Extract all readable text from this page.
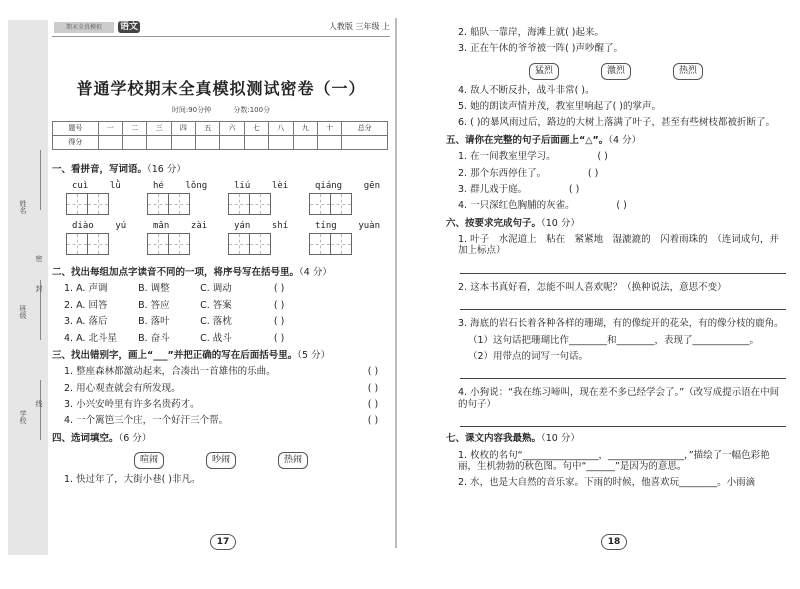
姓名
班级
学校
密
封
线
期末全真模拟	语文	人教版 三年级 上
普通学校期末全真模拟测试密卷（一）
时间:90分钟	分数:100分
题号	一	二	三	四	五	六	七	八	九	十	总分
得分											
一、看拼音，写词语。（16 分）
cuì    lǜ	hé    lǒng	liú    lèi	qiáng    gēn
diào    yú	mǎn    zài	yán    shí	tíng    yuàn
二、找出每组加点字读音不同的一项，将序号写在括号里。（4 分）
1. A. 声调	B. 调整	C. 调动	( )
2. A. 回答	B. 答应	C. 答案	( )
3. A. 落后	B. 落叶	C. 落枕	( )
4. A. 北斗星 B. 奋斗	C. 战斗	( )
三、找出错别字，画上“___”并把正确的写在后面括号里。（5 分）
1. 整座森林都激动起来，合凑出一首雄伟的乐曲。	( )
2. 用心观查就会有所发现。	( )
3. 小兴安岭里有许多名贵药才。	( )
4. 一个篱笆三个庄，一个好汗三个帮。	( )
四、选词填空。（6 分）
喧闹	吵闹	热闹
1. 快过年了，大街小巷( )非凡。
17
2. 船队一靠岸，海滩上就( )起来。
3. 正在午休的爷爷被一阵( )声吵醒了。
猛烈	激烈	热烈
4. 敌人不断反扑，战斗非常( )。
5. 她的朗读声情并茂，教室里响起了( )的掌声。
6. ( )的暴风雨过后，路边的大树上落满了叶子，甚至有些树枝都被折断了。
五、请你在完整的句子后面画上“△”。（4 分）
1. 在一间教室里学习。	( )
2. 那个东西停住了。	( )
3. 群儿戏于庭。	( )
4. 一只深红色胸脯的灰雀。	( )
六、按要求完成句子。（10 分）
1. 叶子　水泥道上　粘在　紧紧地　湿漉漉的　闪着雨珠的　（连词成句，并加上标点）
2. 这本书真好看，怎能不叫人喜欢呢？（换种说法，意思不变）
3. 海底的岩石长着各种各样的珊瑚，有的像绽开的花朵，有的像分枝的鹿角。
（1）这句话把珊瑚比作________和________，表现了____________。
（2）用带点的词写一句话。
4. 小狗说：“我在练习啼叫，现在差不多已经学会了。”（改写成提示语在中间的句子）
七、课文内容我最熟。（10 分）
1. 枚枚的名句“________________，________________，”描绘了一幅色彩艳丽，生机勃勃的秋色图。句中“______”是因为的意思。
2. 水，也是大自然的音乐家。下雨的时候，他喜欢玩________。小雨滴
18
